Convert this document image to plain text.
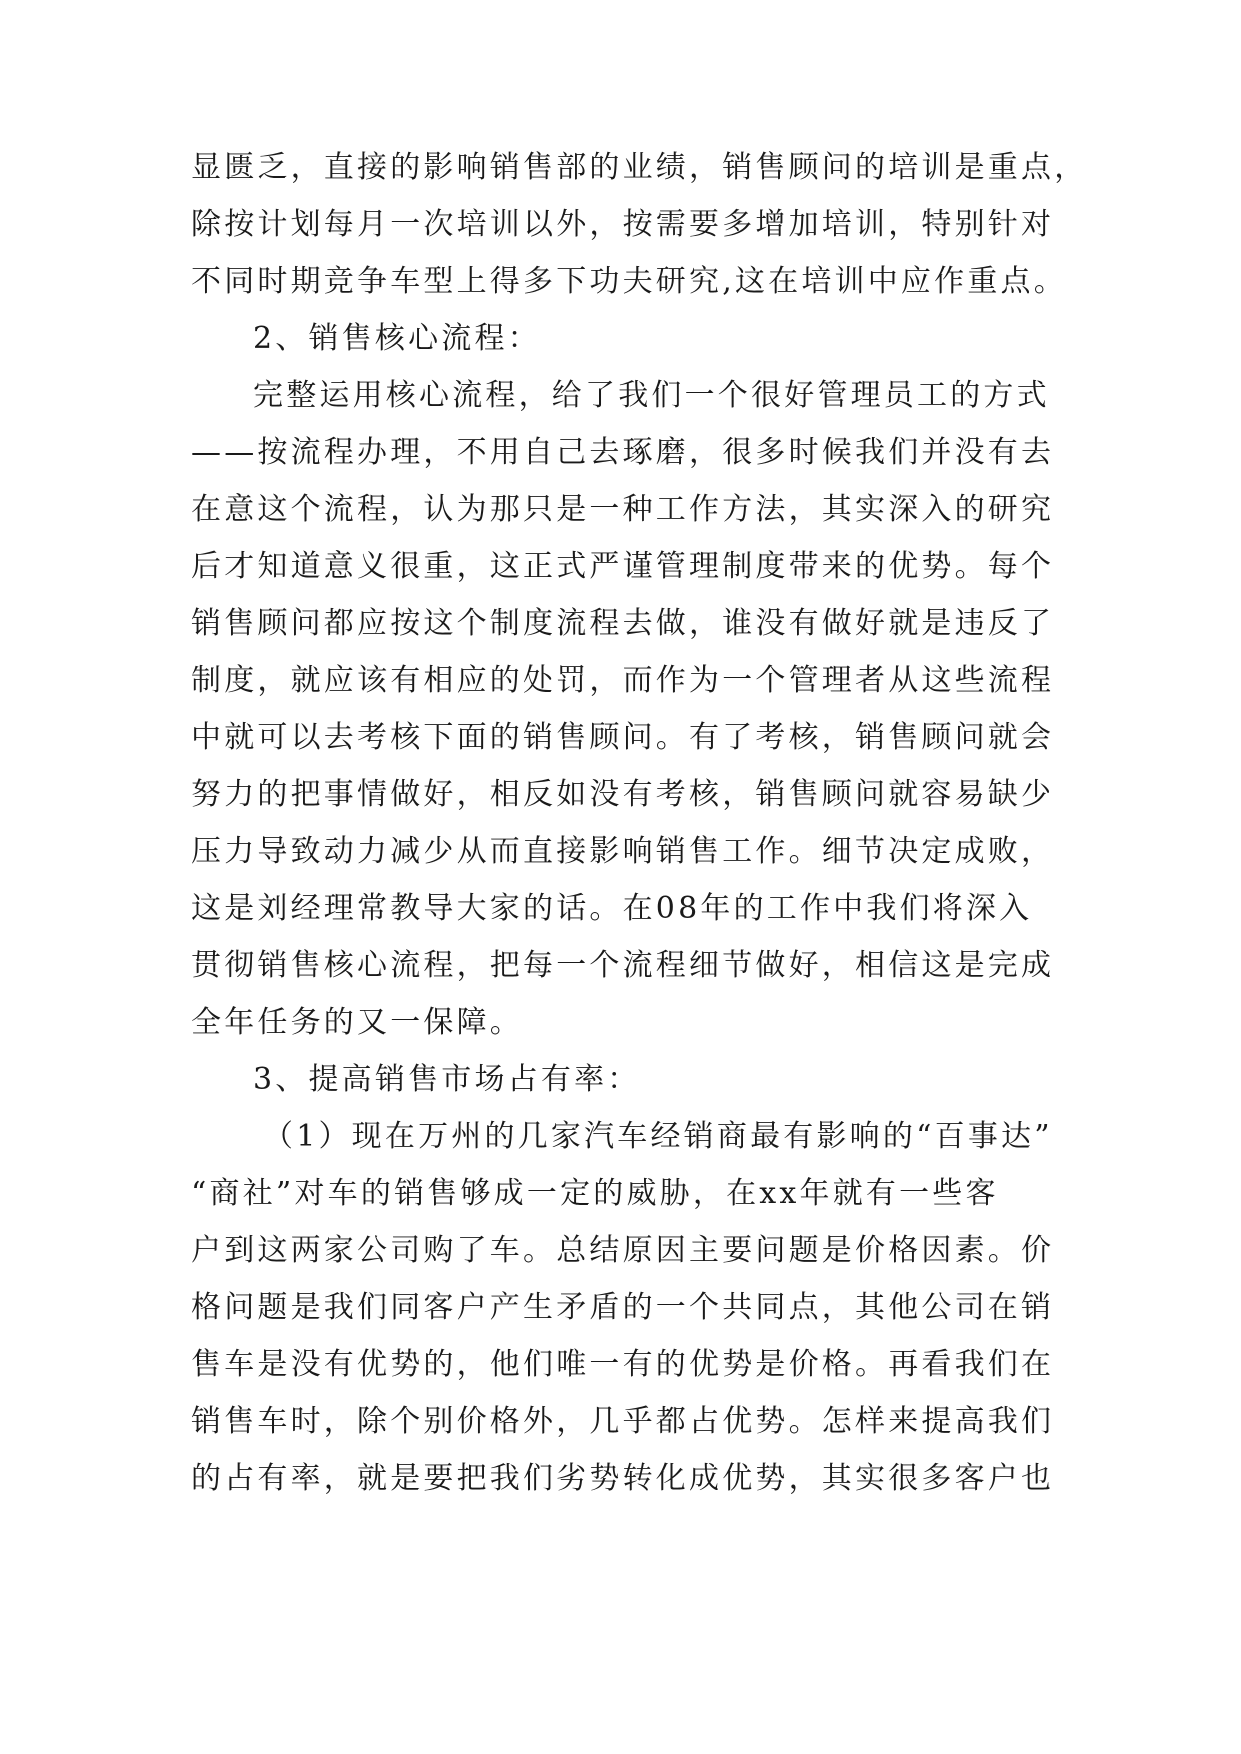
显匮乏，直接的影响销售部的业绩，销售顾问的培训是重点，
除按计划每月一次培训以外，按需要多增加培训，特别针对
不同时期竞争车型上得多下功夫研究,这在培训中应作重点。
2、销售核心流程：
完整运用核心流程，给了我们一个很好管理员工的方式
——按流程办理，不用自己去琢磨，很多时候我们并没有去
在意这个流程，认为那只是一种工作方法，其实深入的研究
后才知道意义很重，这正式严谨管理制度带来的优势。每个
销售顾问都应按这个制度流程去做，谁没有做好就是违反了
制度，就应该有相应的处罚，而作为一个管理者从这些流程
中就可以去考核下面的销售顾问。有了考核，销售顾问就会
努力的把事情做好，相反如没有考核，销售顾问就容易缺少
压力导致动力减少从而直接影响销售工作。细节决定成败，
这是刘经理常教导大家的话。在08年的工作中我们将深入
贯彻销售核心流程，把每一个流程细节做好，相信这是完成
全年任务的又一保障。
3、提高销售市场占有率：
（1）现在万州的几家汽车经销商最有影响的“百事达”
“商社”对车的销售够成一定的威胁，在xx年就有一些客
户到这两家公司购了车。总结原因主要问题是价格因素。价
格问题是我们同客户产生矛盾的一个共同点，其他公司在销
售车是没有优势的，他们唯一有的优势是价格。再看我们在
销售车时，除个别价格外，几乎都占优势。怎样来提高我们
的占有率，就是要把我们劣势转化成优势，其实很多客户也
